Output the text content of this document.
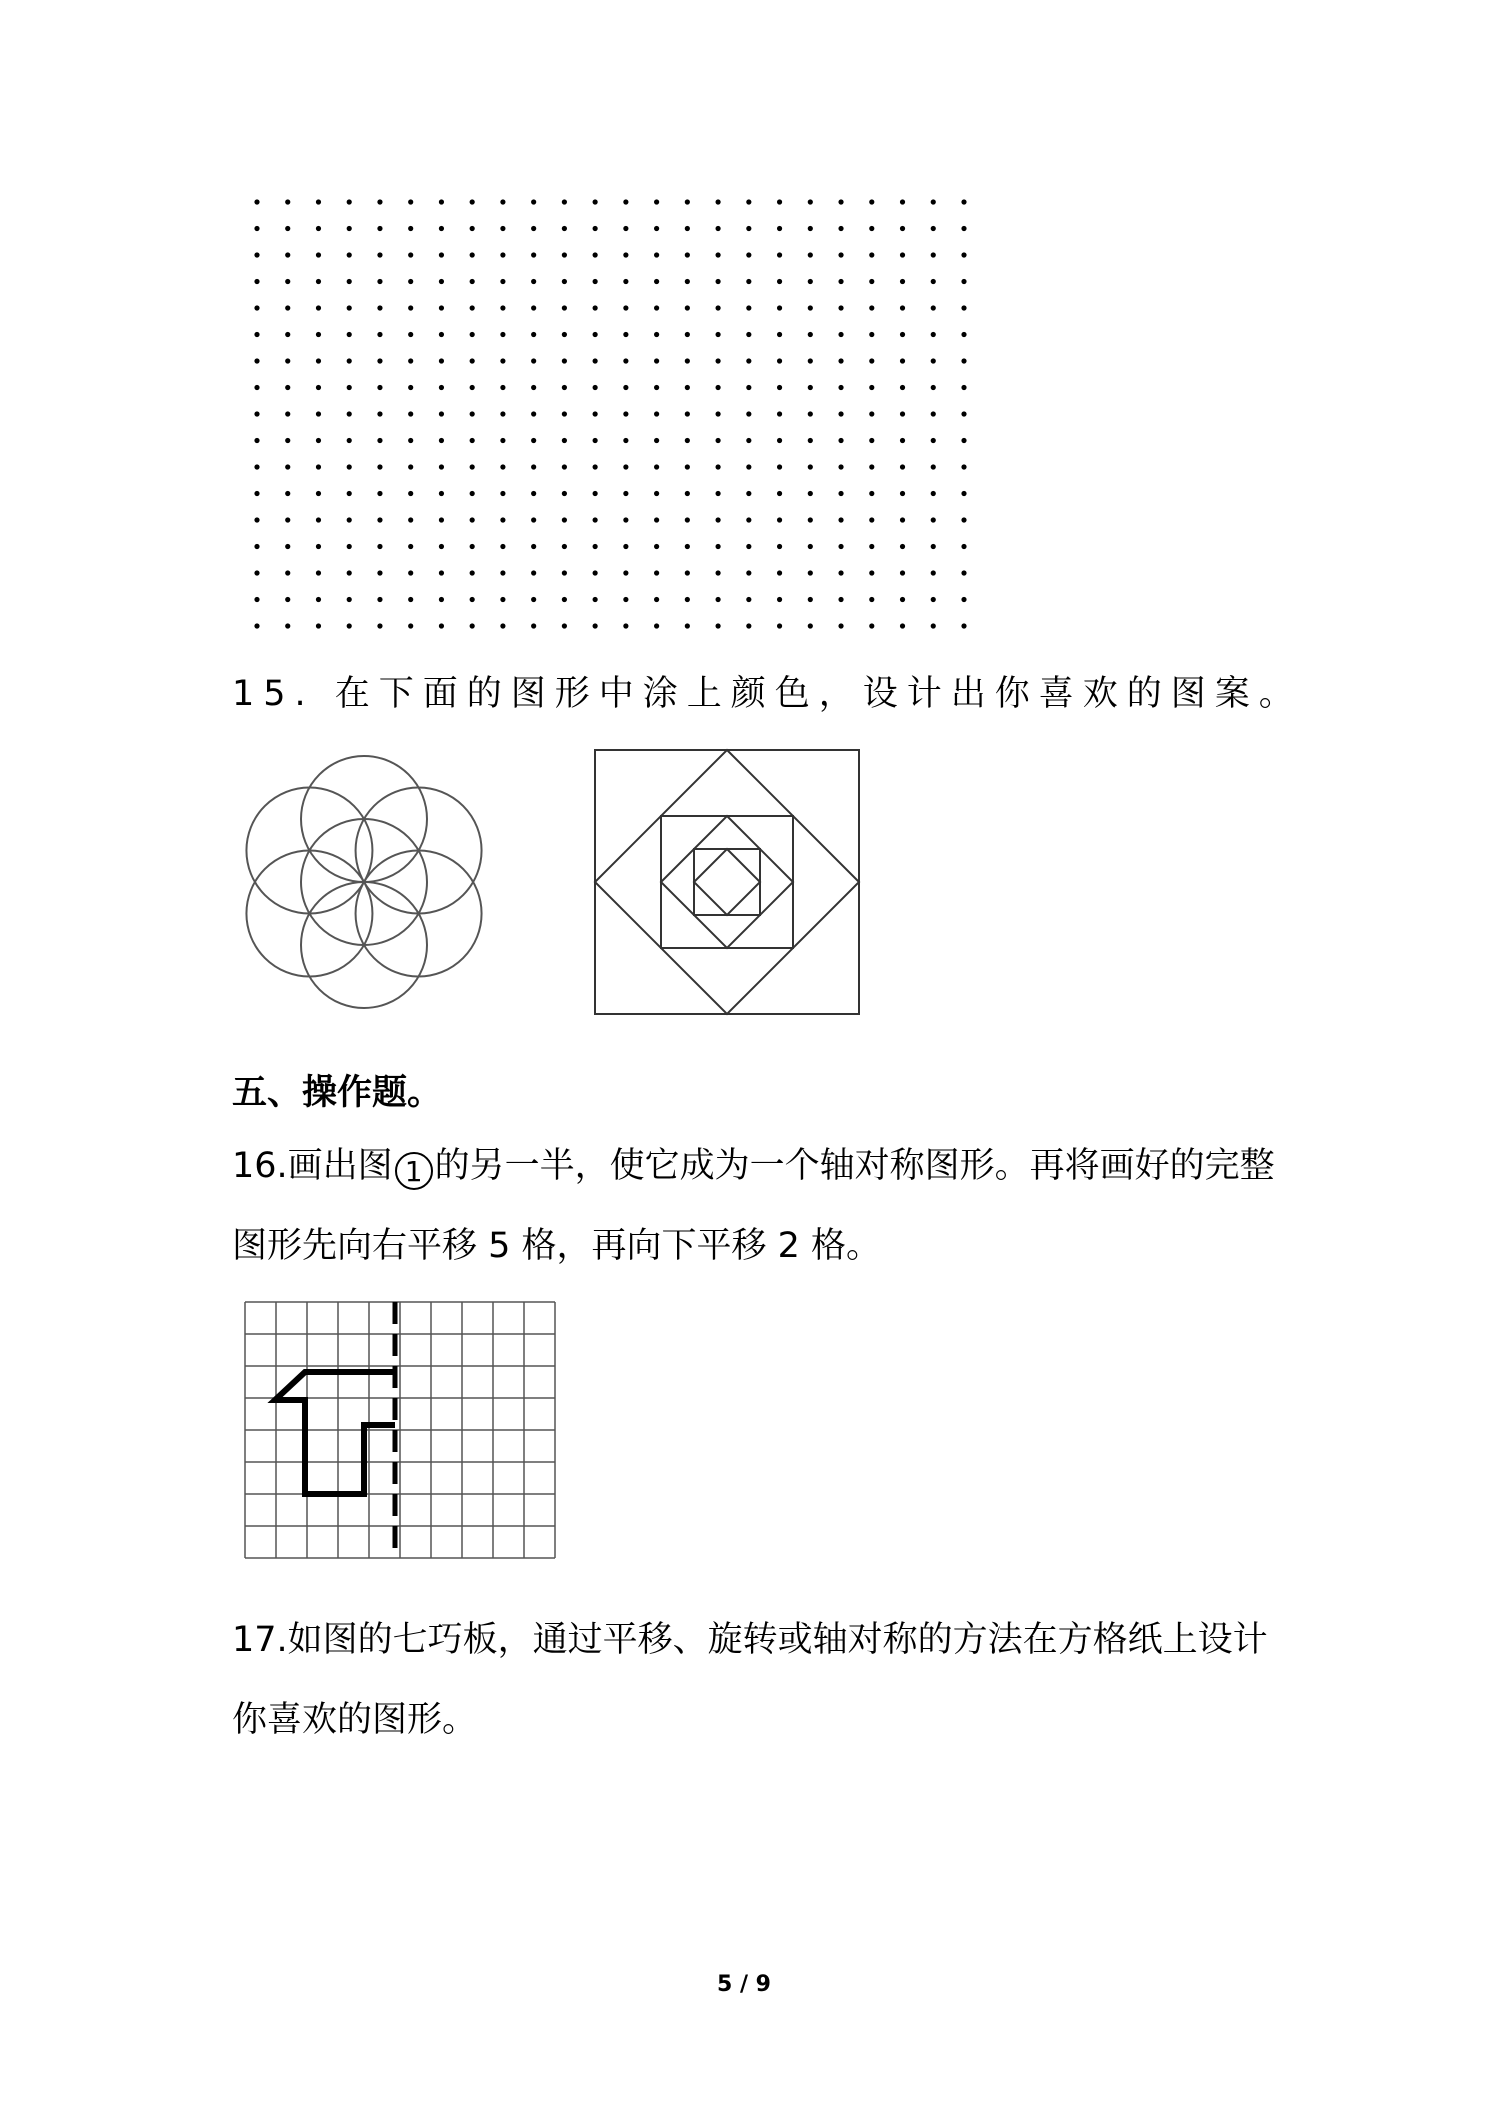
15. 在下面的图形中涂上颜色，设计出你喜欢的图案。
五、操作题。
16.画出图 1 的另一半，使它成为一个轴对称图形。再将画好的完整
图形先向右平移 5 格，再向下平移 2 格。
17.如图的七巧板，通过平移、旋转或轴对称的方法在方格纸上设计
你喜欢的图形。
5 / 9
